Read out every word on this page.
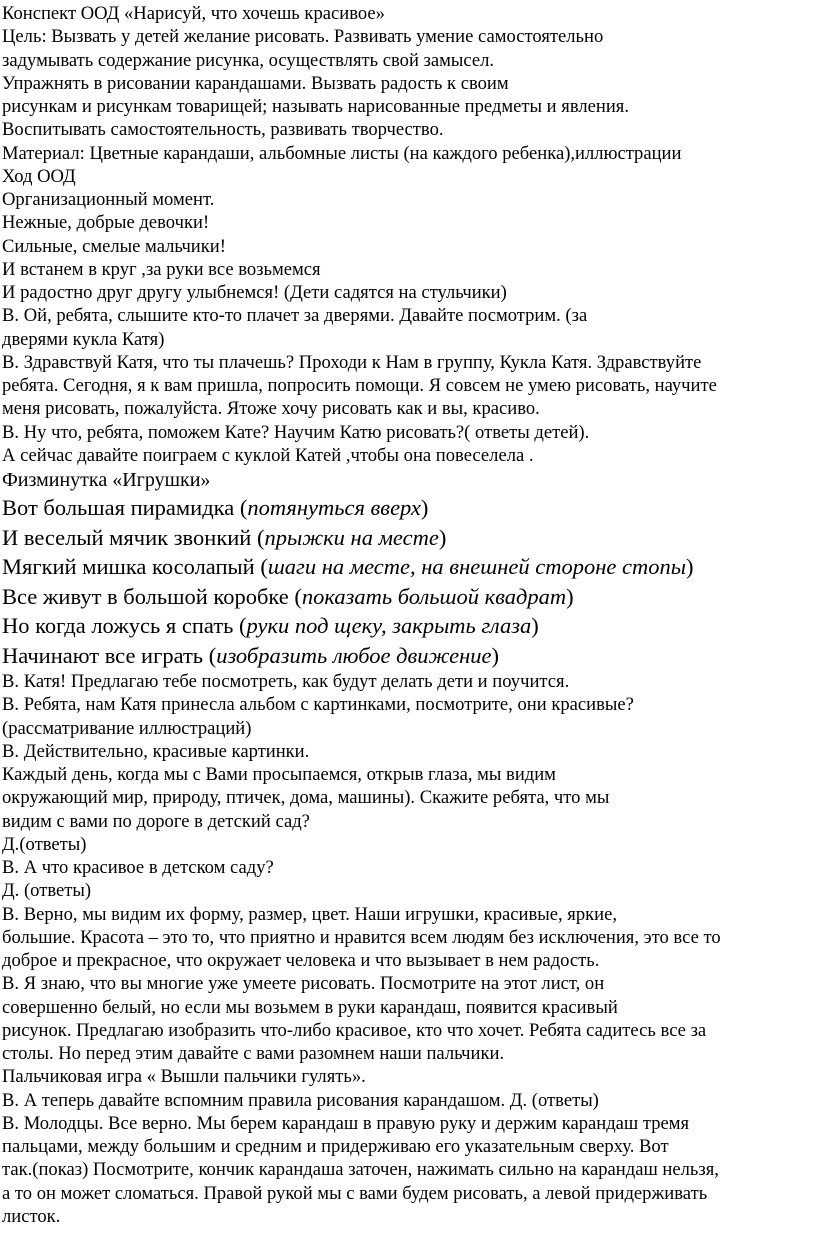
Конспект ООД «Нарисуй, что хочешь красивое»
Цель: Вызвать у детей желание рисовать. Развивать умение самостоятельно
задумывать содержание рисунка, осуществлять свой замысел.
Упражнять в рисовании карандашами. Вызвать радость к своим
рисункам и рисункам товарищей; называть нарисованные предметы и явления.
Воспитывать самостоятельность, развивать творчество.
Материал: Цветные карандаши, альбомные листы (на каждого ребенка),иллюстрации
Ход ООД
Организационный момент.
Нежные, добрые девочки!
Сильные, смелые мальчики!
И встанем в круг ,за руки все возьмемся
И радостно друг другу улыбнемся! (Дети садятся на стульчики)
В. Ой, ребята, слышите кто-то плачет за дверями. Давайте посмотрим. (за
дверями кукла Катя)
В. Здравствуй Катя, что ты плачешь? Проходи к Нам в группу, Кукла Катя. Здравствуйте
ребята. Сегодня, я к вам пришла, попросить помощи. Я совсем не умею рисовать, научите
меня рисовать, пожалуйста. Ятоже хочу рисовать как и вы, красиво.
В. Ну что, ребята, поможем Кате? Научим Катю рисовать?( ответы детей).
А сейчас давайте поиграем с куклой Катей ,чтобы она повеселела .
Физминутка «Игрушки»
Вот большая пирамидка (потянуться вверх)
И веселый мячик звонкий (прыжки на месте)
Мягкий мишка косолапый (шаги на месте, на внешней стороне стопы)
Все живут в большой коробке (показать большой квадрат)
Но когда ложусь я спать (руки под щеку, закрыть глаза)
Начинают все играть (изобразить любое движение)
В. Катя! Предлагаю тебе посмотреть, как будут делать дети и поучится.
В. Ребята, нам Катя принесла альбом с картинками, посмотрите, они красивые?
(рассматривание иллюстраций)
В. Действительно, красивые картинки.
Каждый день, когда мы с Вами просыпаемся, открыв глаза, мы видим
окружающий мир, природу, птичек, дома, машины). Скажите ребята, что мы
видим с вами по дороге в детский сад?
Д.(ответы)
В. А что красивое в детском саду?
Д. (ответы)
В. Верно, мы видим их форму, размер, цвет. Наши игрушки, красивые, яркие,
большие. Красота – это то, что приятно и нравится всем людям без исключения, это все то
доброе и прекрасное, что окружает человека и что вызывает в нем радость.
В. Я знаю, что вы многие уже умеете рисовать. Посмотрите на этот лист, он
совершенно белый, но если мы возьмем в руки карандаш, появится красивый
рисунок. Предлагаю изобразить что-либо красивое, кто что хочет. Ребята садитесь все за
столы. Но перед этим давайте с вами разомнем наши пальчики.
Пальчиковая игра « Вышли пальчики гулять».
В. А теперь давайте вспомним правила рисования карандашом. Д. (ответы)
В. Молодцы. Все верно. Мы берем карандаш в правую руку и держим карандаш тремя
пальцами, между большим и средним и придерживаю его указательным сверху. Вот
так.(показ) Посмотрите, кончик карандаша заточен, нажимать сильно на карандаш нельзя,
а то он может сломаться. Правой рукой мы с вами будем рисовать, а левой придерживать
листок.
